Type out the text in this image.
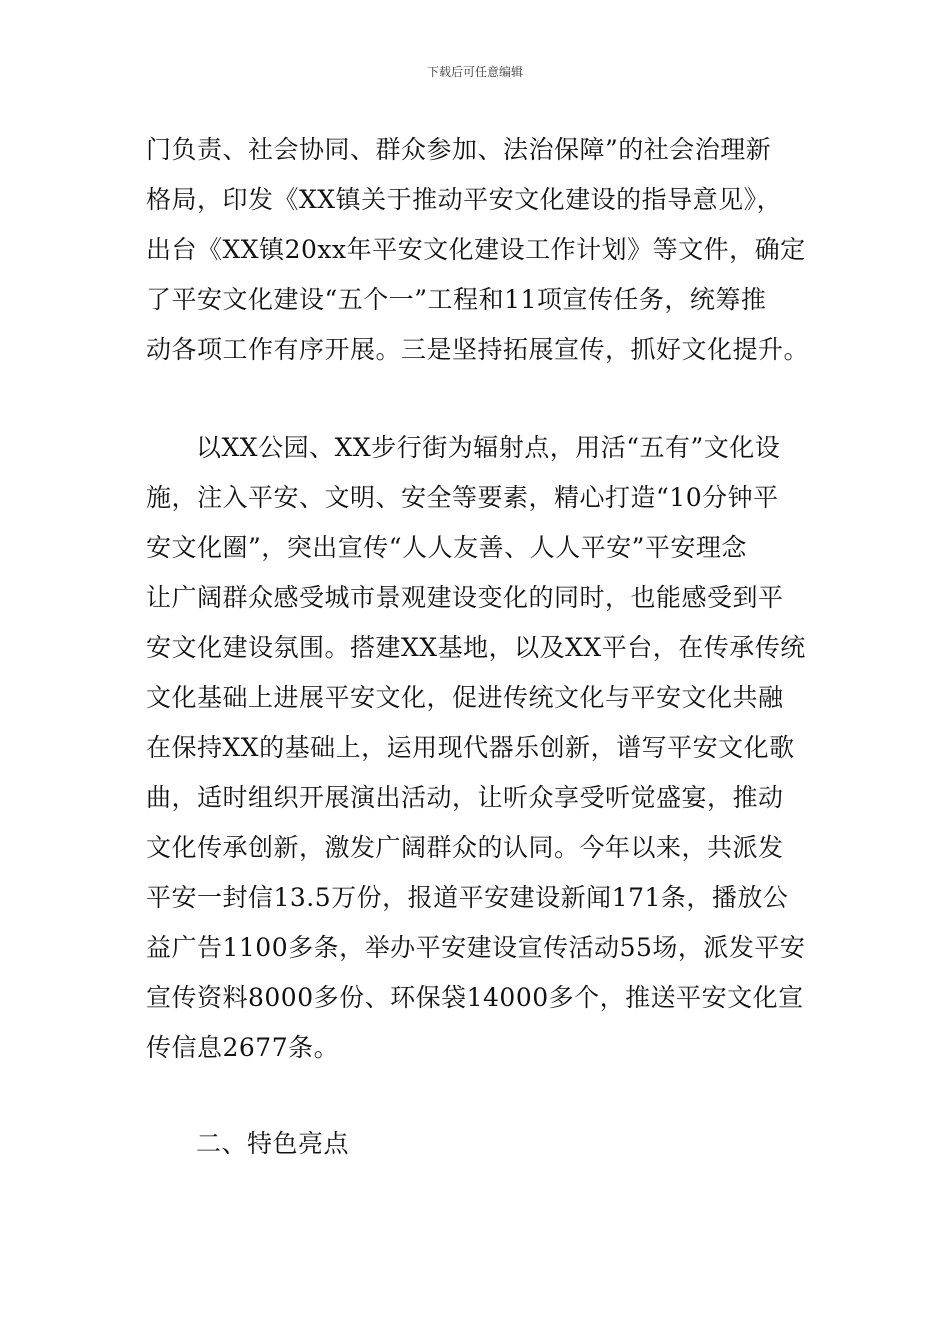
下载后可任意编辑
门负责、社会协同、群众参加、法治保障”的社会治理新
格局，印发《XX镇关于推动平安文化建设的指导意见》，
出台《XX镇20xx年平安文化建设工作计划》等文件，确定
了平安文化建设“五个一”工程和11项宣传任务，统筹推
动各项工作有序开展。三是坚持拓展宣传，抓好文化提升。
以XX公园、XX步行街为辐射点，用活“五有”文化设
施，注入平安、文明、安全等要素，精心打造“10分钟平
安文化圈”，突出宣传“人人友善、人人平安”平安理念
让广阔群众感受城市景观建设变化的同时，也能感受到平
安文化建设氛围。搭建XX基地，以及XX平台，在传承传统
文化基础上进展平安文化，促进传统文化与平安文化共融
在保持XX的基础上，运用现代器乐创新，谱写平安文化歌
曲，适时组织开展演出活动，让听众享受听觉盛宴，推动
文化传承创新，激发广阔群众的认同。今年以来，共派发
平安一封信13.5万份，报道平安建设新闻171条，播放公
益广告1100多条，举办平安建设宣传活动55场，派发平安
宣传资料8000多份、环保袋14000多个，推送平安文化宣
传信息2677条。
二、特色亮点
